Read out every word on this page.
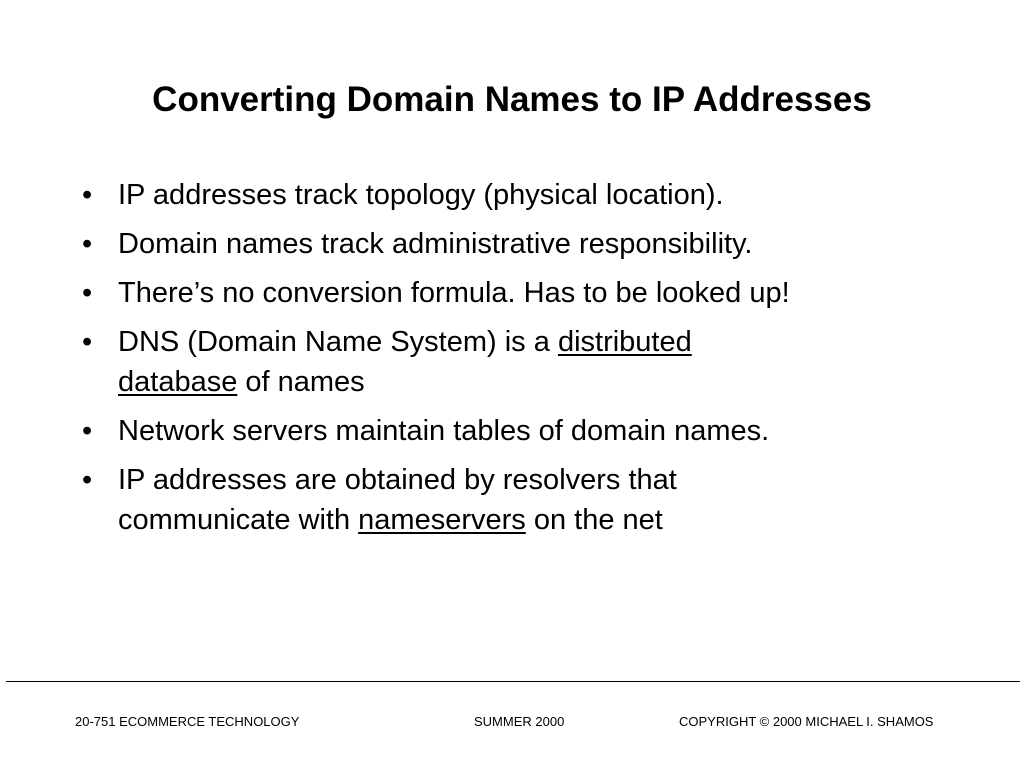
Converting Domain Names to IP Addresses
• IP addresses track topology (physical location).
• Domain names track administrative responsibility.
• There’s no conversion formula. Has to be looked up!
• DNS (Domain Name System) is a distributed
database of names
• Network servers maintain tables of domain names.
• IP addresses are obtained by resolvers that communicate with nameservers on the net
20-751 ECOMMERCE TECHNOLOGY	SUMMER 2000	COPYRIGHT © 2000 MICHAEL I. SHAMOS
